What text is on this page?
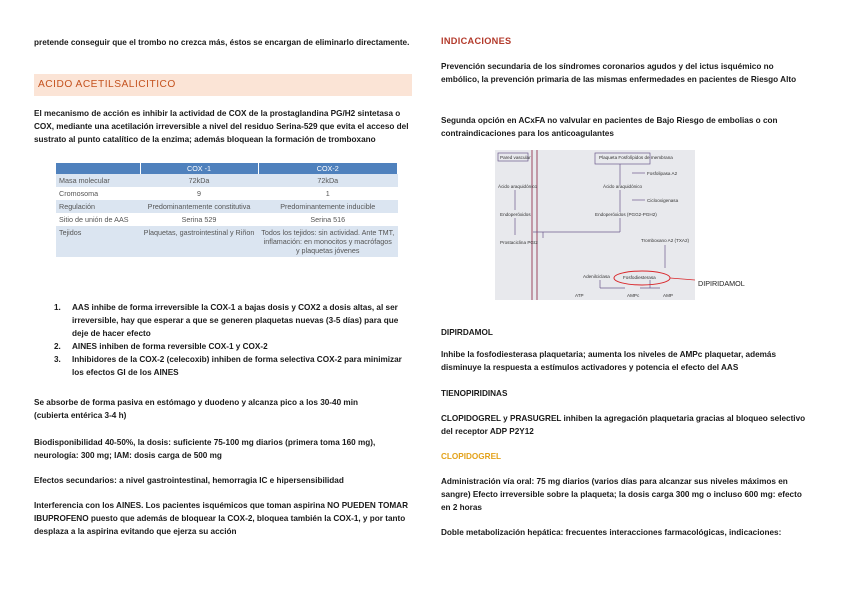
pretende conseguir que el trombo no crezca más, éstos se encargan de eliminarlo directamente.

ACIDO ACETILSALICITICO

El mecanismo de acción es inhibir la actividad de COX de la prostaglandina PG/H2 sintetasa o COX, mediante una acetilación irreversible a nivel del residuo Serina-529 que evita el acceso del sustrato al punto catalítico de la enzima; además bloquean la formación de tromboxano

	COX -1	COX-2
Masa molecular	72kDa	72kDa
Cromosoma	9	1
Regulación	Predominantemente constitutiva	Predominantemente inducible
Sitio de unión de AAS	Serina 529	Serina 516
Tejidos	Plaquetas, gastrointestinal y Riñon	Todos los tejidos: sin actividad. Ante TMT, inflamación: en monocitos y macrófagos y plaquetas jóvenes
1. AAS inhibe de forma irreversible la COX-1 a bajas dosis y COX2 a dosis altas, al ser irreversible, hay que esperar a que se generen plaquetas nuevas (3-5 días) para que deje de hacer efecto
2. AINES inhiben de forma reversible COX-1 y COX-2
3. Inhibidores de la COX-2 (celecoxib) inhiben de forma selectiva COX-2 para minimizar los efectos GI de los AINES

Se absorbe de forma pasiva en estómago y duodeno y alcanza pico a los 30-40 min (cubierta entérica 3-4 h)

Biodisponibilidad 40-50%, la dosis: suficiente 75-100 mg diarios (primera toma 160 mg), neurología: 300 mg; IAM: dosis carga de 500 mg

Efectos secundarios: a nivel gastrointestinal, hemorragia IC e hipersensibilidad

Interferencia con los AINES. Los pacientes isquémicos que toman aspirina NO PUEDEN TOMAR IBUPROFENO puesto que además de bloquear la COX-2, bloquea también la COX-1, y por tanto desplaza a la aspirina evitando que ejerza su acción

INDICACIONES

Prevención secundaria de los síndromes coronarios agudos y del ictus isquémico no embólico, la prevención primaria de las mismas enfermedades en pacientes de Riesgo Alto

Segunda opción en ACxFA no valvular en pacientes de Bajo Riesgo de embolias o con contraindicaciones para los anticoagulantes

Pared vascular	Plaqueta Fosfolípidos de membrana
Fosfolipasa A2
Ácido araquidónico	Ácido araquidónico
Ciclooxigenasa
Endoperóxidos	Endoperóxidos (PGG2-PGH2)
Prostaciclina PGI2	Tromboxano A2 (TXA2)
Adenilciclasa	Fosfodiesterasa
ATP	AMPc	AMP
DIPIRIDAMOL

DIPIRDAMOL

Inhibe la fosfodiesterasa plaquetaria; aumenta los niveles de AMPc plaquetar, además disminuye la respuesta a estímulos activadores y potencia el efecto del AAS

TIENOPIRIDINAS

CLOPIDOGREL y PRASUGREL inhiben la agregación plaquetaria gracias al bloqueo selectivo del receptor ADP P2Y12

CLOPIDOGREL

Administración vía oral: 75 mg diarios (varios días para alcanzar sus niveles máximos en sangre) Efecto irreversible sobre la plaqueta; la dosis carga 300 mg o incluso 600 mg: efecto en 2 horas

Doble metabolización hepática: frecuentes interacciones farmacológicas, indicaciones:
